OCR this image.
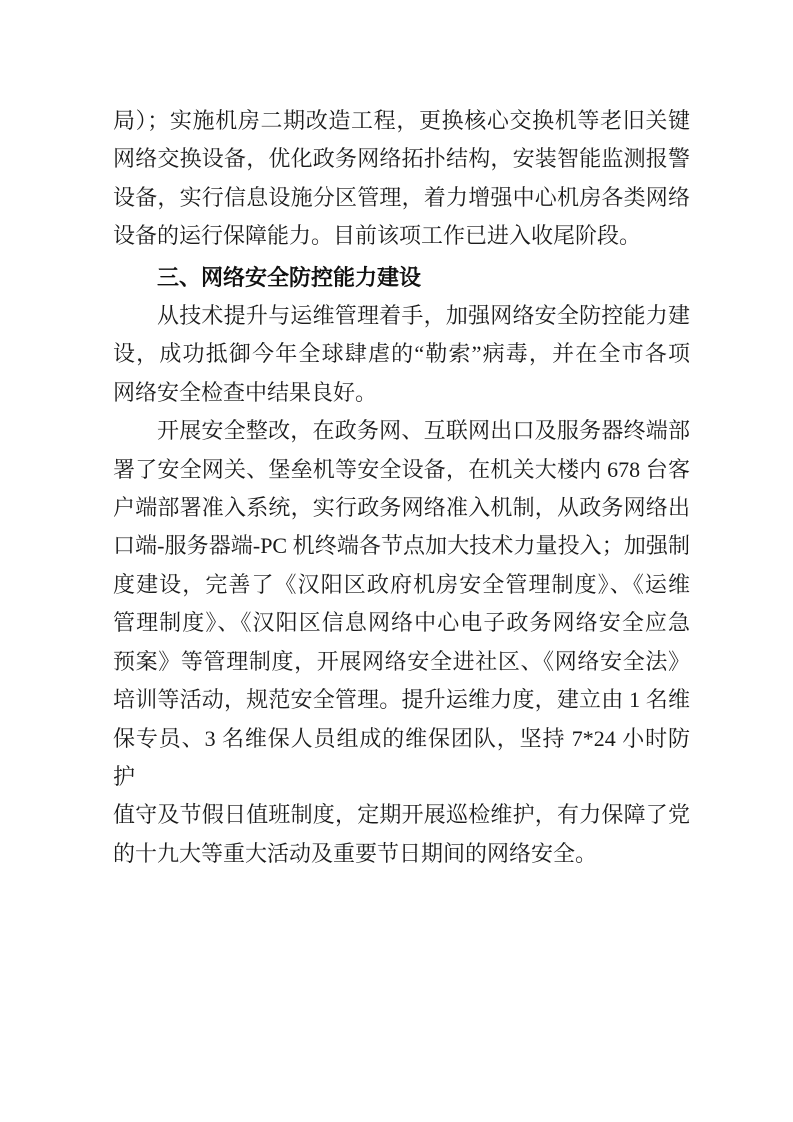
局）；实施机房二期改造工程，更换核心交换机等老旧关键
网络交换设备，优化政务网络拓扑结构，安装智能监测报警
设备，实行信息设施分区管理，着力增强中心机房各类网络
设备的运行保障能力。目前该项工作已进入收尾阶段。
三、网络安全防控能力建设
从技术提升与运维管理着手，加强网络安全防控能力建
设，成功抵御今年全球肆虐的“勒索”病毒，并在全市各项
网络安全检查中结果良好。
开展安全整改，在政务网、互联网出口及服务器终端部
署了安全网关、堡垒机等安全设备，在机关大楼内 678 台客
户端部署准入系统，实行政务网络准入机制，从政务网络出
口端-服务器端-PC 机终端各节点加大技术力量投入；加强制
度建设，完善了《汉阳区政府机房安全管理制度》、《运维
管理制度》、《汉阳区信息网络中心电子政务网络安全应急
预案》等管理制度，开展网络安全进社区、《网络安全法》
培训等活动，规范安全管理。提升运维力度，建立由 1 名维
保专员、3 名维保人员组成的维保团队，坚持 7*24 小时防护
值守及节假日值班制度，定期开展巡检维护，有力保障了党
的十九大等重大活动及重要节日期间的网络安全。
